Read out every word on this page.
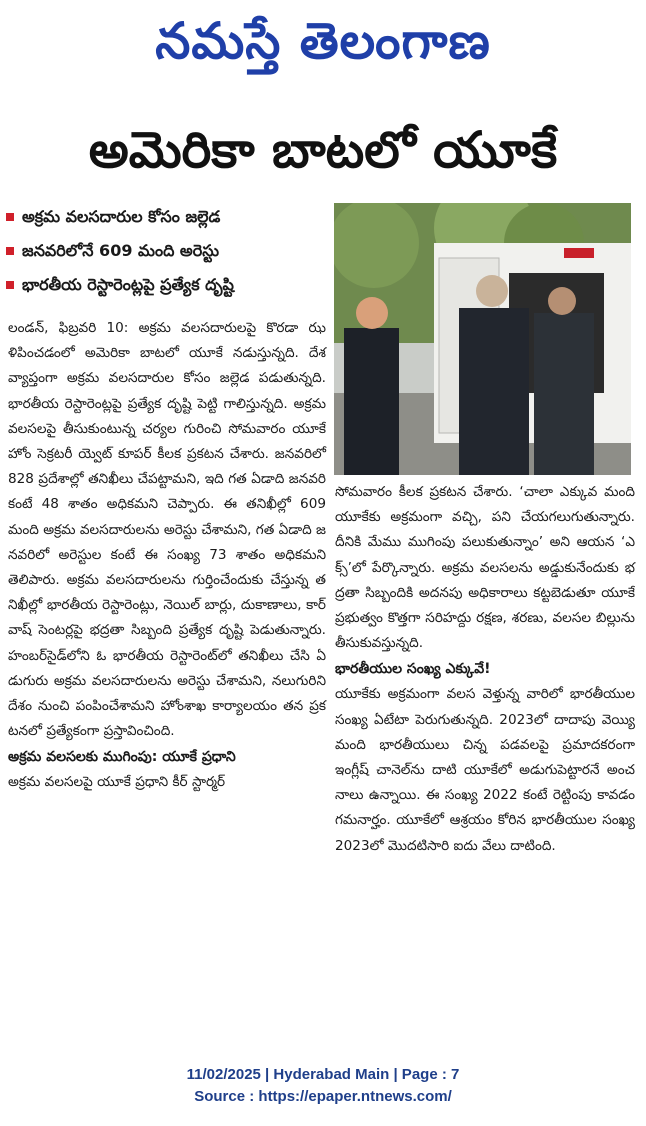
నమస్తే తెలంగాణ
అమెరికా బాటలో యూకే
అక్రమ వలసదారుల కోసం జల్లెడ
జనవరిలోనే 609 మంది అరెస్టు
భారతీయ రెస్టారెంట్లపై ప్రత్యేక దృష్టి

లండన్, ఫిబ్రవరి 10: అక్రమ వలసదారులపై కొరడా ఝళిపించడంలో అమెరికా బాటలో యూకే నడుస్తున్నది. దేశవ్యాప్తంగా అక్రమ వలసదారుల కోసం జల్లెడ పడుతున్నది. భారతీయ రెస్టారెంట్లపై ప్రత్యేక దృష్టి పెట్టి గాలిస్తున్నది. అక్రమ వలసలపై తీసుకుంటున్న చర్యల గురించి సోమవారం యూకే హోం సెక్రటరీ య్వెట్ కూపర్ కీలక ప్రకటన చేశారు. జనవరిలో 828 ప్రదేశాల్లో తనిఖీలు చేపట్టామని, ఇది గత ఏడాది జనవరి కంటే 48 శాతం అధికమని చెప్పారు. ఈ తనిఖీల్లో 609 మంది అక్రమ వలసదారులను అరెస్టు చేశామని, గత ఏడాది జనవరిలో అరెస్టుల కంటే ఈ సంఖ్య 73 శాతం అధికమని తెలిపారు. అక్రమ వలసదారులను గుర్తించేందుకు చేస్తున్న తనిఖీల్లో భారతీయ రెస్టారెంట్లు, నెయిల్ బార్లు, దుకాణాలు, కార్ వాష్ సెంటర్లపై భద్రతా సిబ్బంది ప్రత్యేక దృష్టి పెడుతున్నారు. హంబర్‌సైడ్‌లోని ఓ భారతీయ రెస్టారెంట్‌లో తనిఖీలు చేసి ఏడుగురు అక్రమ వలసదారులను అరెస్టు చేశామని, నలుగురిని దేశం నుంచి పంపించేశామని హోంశాఖ కార్యాలయం తన ప్రకటనలో ప్రత్యేకంగా ప్రస్తావించింది.

అక్రమ వలసలకు ముగింపు: యూకే ప్రధాని

అక్రమ వలసలపై యూకే ప్రధాని కీర్ స్టార్మర్

సోమవారం కీలక ప్రకటన చేశారు. ‘చాలా ఎక్కువ మంది యూకేకు అక్రమంగా వచ్చి, పని చేయగలుగుతున్నారు. దీనికి మేము ముగింపు పలుకుతున్నాం’ అని ఆయన ‘ఎక్స్’లో పేర్కొన్నారు. అక్రమ వలసలను అడ్డుకునేందుకు భద్రతా సిబ్బందికి అదనపు అధికారాలు కట్టబెడుతూ యూకే ప్రభుత్వం కొత్తగా సరిహద్దు రక్షణ, శరణు, వలసల బిల్లును తీసుకువస్తున్నది.

భారతీయుల సంఖ్య ఎక్కువే!

యూకేకు అక్రమంగా వలస వెళ్తున్న వారిలో భారతీయుల సంఖ్య ఏటేటా పెరుగుతున్నది. 2023లో దాదాపు వెయ్యి మంది భారతీయులు చిన్న పడవలపై ప్రమాదకరంగా ఇంగ్లీష్ చానెల్‌ను దాటి యూకేలో అడుగుపెట్టారనే అంచనాలు ఉన్నాయి. ఈ సంఖ్య 2022 కంటే రెట్టింపు కావడం గమనార్హం. యూకేలో ఆశ్రయం కోరిన భారతీయుల సంఖ్య 2023లో మొదటిసారి ఐదు వేలు దాటింది.

11/02/2025 | Hyderabad Main | Page : 7
Source : https://epaper.ntnews.com/
